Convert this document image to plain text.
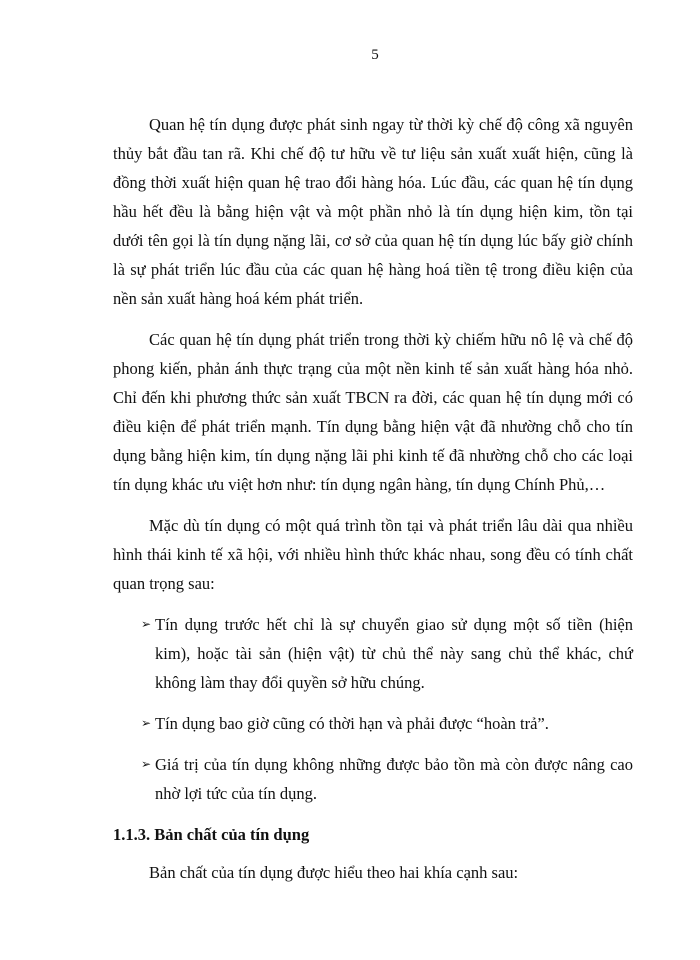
5

Quan hệ tín dụng được phát sinh ngay từ thời kỳ chế độ công xã nguyên thủy bắt đầu tan rã. Khi chế độ tư hữu về tư liệu sản xuất xuất hiện, cũng là đồng thời xuất hiện quan hệ trao đổi hàng hóa. Lúc đầu, các quan hệ tín dụng hầu hết đều là bằng hiện vật và một phần nhỏ là tín dụng hiện kim, tồn tại dưới tên gọi là tín dụng nặng lãi, cơ sở của quan hệ tín dụng lúc bấy giờ chính là sự phát triển lúc đầu của các quan hệ hàng hoá tiền tệ trong điều kiện của nền sản xuất hàng hoá kém phát triển.

Các quan hệ tín dụng phát triển trong thời kỳ chiếm hữu nô lệ và chế độ phong kiến, phản ánh thực trạng của một nền kinh tế sản xuất hàng hóa nhỏ. Chỉ đến khi phương thức sản xuất TBCN ra đời, các quan hệ tín dụng mới có điều kiện để phát triển mạnh. Tín dụng bằng hiện vật đã nhường chỗ cho tín dụng bằng hiện kim, tín dụng nặng lãi phi kinh tế đã nhường chỗ cho các loại tín dụng khác ưu việt hơn như: tín dụng ngân hàng, tín dụng Chính Phủ,…

Mặc dù tín dụng có một quá trình tồn tại và phát triển lâu dài qua nhiều hình thái kinh tế xã hội, với nhiều hình thức khác nhau, song đều có tính chất quan trọng sau:

➢ Tín dụng trước hết chỉ là sự chuyển giao sử dụng một số tiền (hiện kim), hoặc tài sản (hiện vật) từ chủ thể này sang chủ thể khác, chứ không làm thay đổi quyền sở hữu chúng.
➢ Tín dụng bao giờ cũng có thời hạn và phải được “hoàn trả”.
➢ Giá trị của tín dụng không những được bảo tồn mà còn được nâng cao nhờ lợi tức của tín dụng.
1.1.3. Bản chất của tín dụng

Bản chất của tín dụng được hiểu theo hai khía cạnh sau:
